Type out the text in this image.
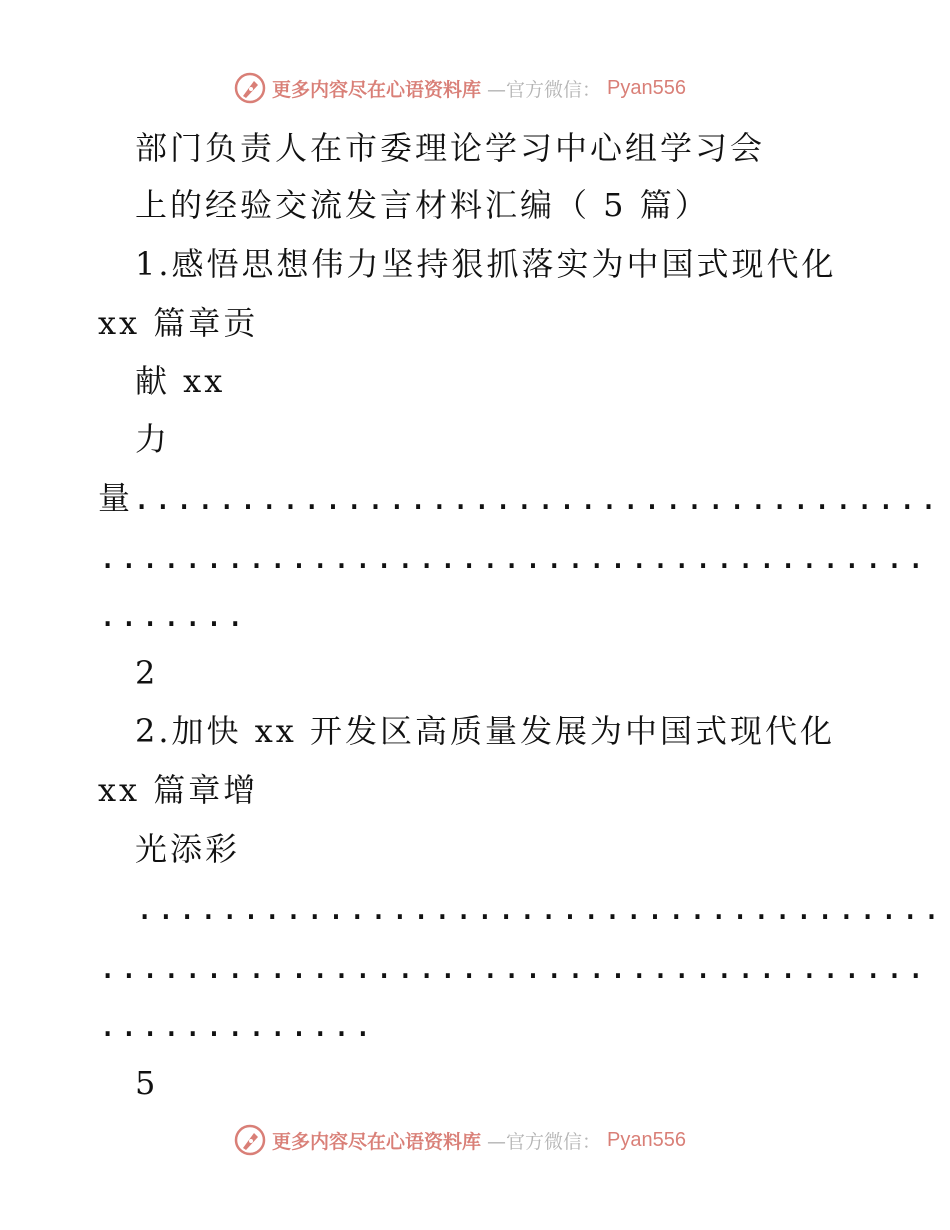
更多内容尽在心语资料库 —官方微信： Pyan556
部门负责人在市委理论学习中心组学习会
上的经验交流发言材料汇编（ 5 篇）
1.感悟思想伟力坚持狠抓落实为中国式现代化
xx 篇章贡
献 xx
力
量
......................................
.......................................
.......
2
2.加快 xx 开发区高质量发展为中国式现代化
xx 篇章增
光添彩
......................................
.......................................
.............
5
更多内容尽在心语资料库 —官方微信： Pyan556
